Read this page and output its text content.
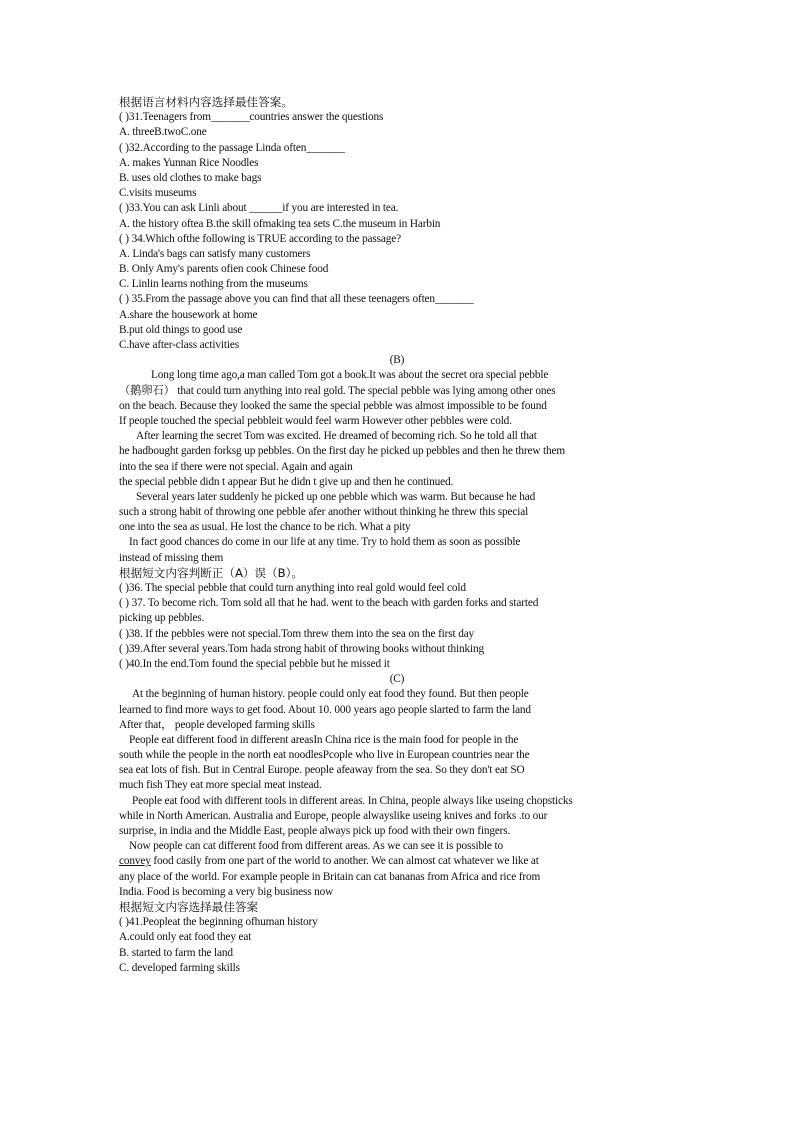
根据语言材料内容选择最佳答案。
( )31.Teenagers from_______countries answer the questions
A. threeB.twoC.one
( )32.According to the passage Linda often_______
A. makes Yunnan Rice Noodles
B. uses old clothes to make bags
C.visits museums
( )33.You can ask Linli about ______if you are interested in tea.
A. the history oftea B.the skill ofmaking tea sets C.the museum in Harbin
( ) 34.Which ofthe following is TRUE according to the passage?
A. Linda's bags can satisfy many customers
B. Only Amy's parents ofien cook Chinese food
C. Linlin learns nothing from the museums
( ) 35.From the passage above you can find that all these teenagers often_______
A.share the housework at home
B.put old things to good use
C.have after-class activities
(B)
Long long time ago,a man called Tom got a book.It was about the secret ora special pebble
（鹅卵石） that could turn anything into real gold. The special pebble was lying among other ones
on the beach. Because they looked the same the special pebble was almost impossible to be found
If people touched the special pebbleit would feel warm However other pebbles were cold.
After learning the secret Tom was excited. He dreamed of becoming rich. So he told all that
he hadbought garden forksg up pebbles. On the first day he picked up pebbles and then he threw them
into the sea if there were not special. Again and again
the special pebble didn t appear But he didn t give up and then he continued.
Several years later suddenly he picked up one pebble which was warm. But because he had
such a strong habit of throwing one pebble afer another without thinking he threw this special
one into the sea as usual. He lost the chance to be rich. What a pity
In fact good chances do come in our life at any time. Try to hold them as soon as possible
instead of missing them
根据短文内容判断正（A）误（B）。
( )36. The special pebble that could turn anything into real gold would feel cold
( ) 37. To become rich. Tom sold all that he had. went to the beach with garden forks and started
picking up pebbles.
( )38. If the pebbles were not special.Tom threw them into the sea on the first day
( )39.After several years.Tom hada strong habit of throwing books without thinking
( )40.In the end.Tom found the special pebble but he missed it
(C)
At the beginning of human history. people could only eat food they found. But then people
learned to find more ways to get food. About 10. 000 years ago people slarted to farm the land
After that， people developed farming skills
People eat different food in different areasIn China rice is the main food for people in the
south while the people in the north eat noodlesPcople who live in European countries near the
sea eat lots of fish. But in Central Europe. people afeaway from the sea. So they don't eat SO
much fish They eat more special meat instead.
People eat food with different tools in different areas. In China, people always like useing chopsticks
while in North American. Australia and Europe, people alwayslike useing knives and forks .to our
surprise, in india and the Middle East, people always pick up food with their own fingers.
Now people can cat different food from different areas. As we can see it is possible to
convey food casily from one part of the world to another. We can almost cat whatever we like at
any place of the world. For example people in Britain can cat bananas from Africa and rice from
India. Food is becoming a very big business now
根据短文内容选择最佳答案
( )41.Peopleat the beginning ofhuman history
A.could only eat food they eat
B. started to farm the land
C. developed farming skills
